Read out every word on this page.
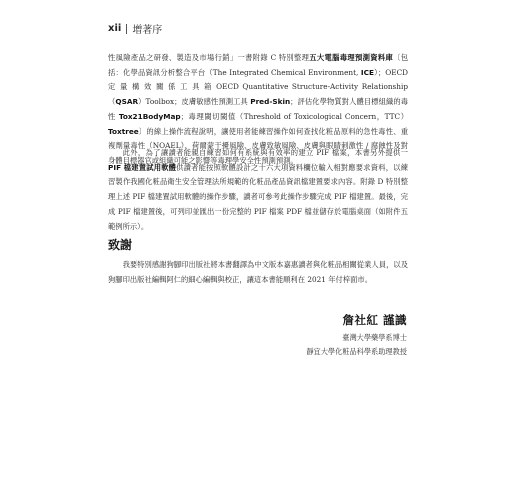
xii 增著序
性風險產品之研發、製造及市場行銷」一書附錄 C 特別整理五大電腦毒理預測資料庫〔包括：化學品資訊分析整合平台（The Integrated Chemical Environment, ICE）；OECD 定 量 構 效 關 係 工 具 箱 OECD Quantitative Structure-Activity Relationship（QSAR）Toolbox；皮膚敏感性預測工具 Pred-Skin；評估化學物質對人體目標組織的毒性 Tox21BodyMap；毒理閾切閾值（Threshold of Toxicological Concern，TTC） Toxtree〕的線上操作流程說明，讓使用者能練習操作如何查找化粧品原料的急性毒性、重複劑量毒性（NOAEL）、荷爾蒙干擾風險、皮膚致敏風險、皮膚與眼睛刺激性 / 腐蝕性及對身體目標器官或組織可能之影響等毒理學安全性預測預測。
此外，為了讓讀者能親自練習如何有系統與有效率的建立 PIF 檔案，本書另外提供一PIF 檔建置試用軟體供讀者能按照軟體設計之十六大項資料欄位輸入相對應要求資料，以練習製作我國化粧品衛生安全管理法所規範的化粧品產品資訊檔建置要求內容。附錄 D 特別整理上述 PIF 檔建置試用軟體的操作步驟，讀者可參考此操作步驟完成 PIF 檔建置。最後，完成 PIF 檔建置後，可列印並匯出一份完整的 PIF 檔案 PDF 檔並儲存於電腦桌面（如附件五範例所示）。
致謝
我要特別感謝狗腳印出版社將本書翻譯為中文版本嘉惠讀者與化粧品相關從業人員，以及狗腳印出版社編輯阿仁的細心編輯與校正，讓這本書能順利在 2021 年付梓面市。
詹社紅 謹識
臺灣大學藥學系博士
靜宜大學化粧品科學系助理教授
